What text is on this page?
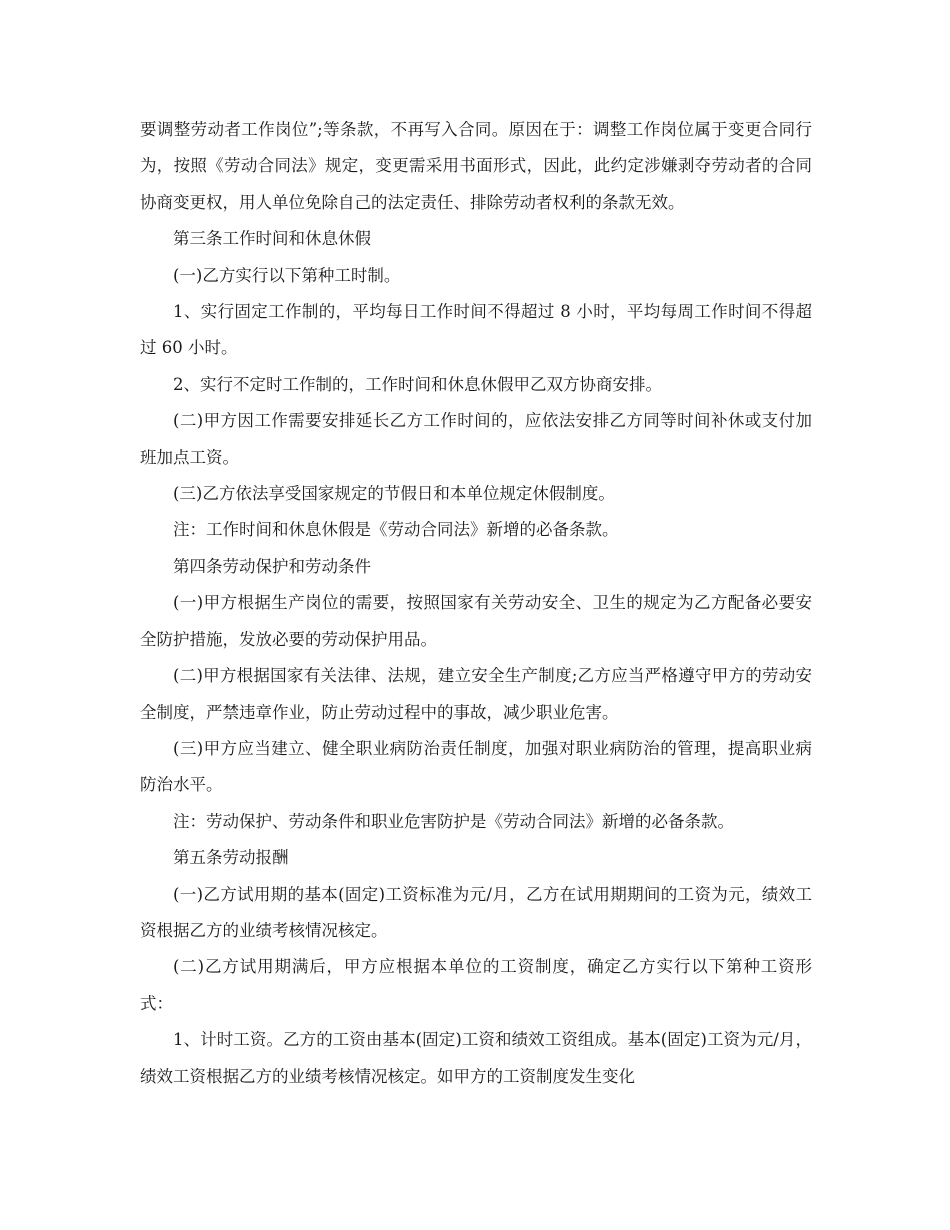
要调整劳动者工作岗位”;等条款，不再写入合同。原因在于：调整工作岗位属于变更合同行为，按照《劳动合同法》规定，变更需采用书面形式，因此，此约定涉嫌剥夺劳动者的合同协商变更权，用人单位免除自己的法定责任、排除劳动者权利的条款无效。

第三条工作时间和休息休假

(一)乙方实行以下第种工时制。

1、实行固定工作制的，平均每日工作时间不得超过 8 小时，平均每周工作时间不得超过 60 小时。

2、实行不定时工作制的，工作时间和休息休假甲乙双方协商安排。

(二)甲方因工作需要安排延长乙方工作时间的，应依法安排乙方同等时间补休或支付加班加点工资。

(三)乙方依法享受国家规定的节假日和本单位规定休假制度。

注：工作时间和休息休假是《劳动合同法》新增的必备条款。

第四条劳动保护和劳动条件

(一)甲方根据生产岗位的需要，按照国家有关劳动安全、卫生的规定为乙方配备必要安全防护措施，发放必要的劳动保护用品。

(二)甲方根据国家有关法律、法规，建立安全生产制度;乙方应当严格遵守甲方的劳动安全制度，严禁违章作业，防止劳动过程中的事故，减少职业危害。

(三)甲方应当建立、健全职业病防治责任制度，加强对职业病防治的管理，提高职业病防治水平。

注：劳动保护、劳动条件和职业危害防护是《劳动合同法》新增的必备条款。

第五条劳动报酬

(一)乙方试用期的基本(固定)工资标准为元/月，乙方在试用期期间的工资为元，绩效工资根据乙方的业绩考核情况核定。

(二)乙方试用期满后，甲方应根据本单位的工资制度，确定乙方实行以下第种工资形式：

1、计时工资。乙方的工资由基本(固定)工资和绩效工资组成。基本(固定)工资为元/月，绩效工资根据乙方的业绩考核情况核定。如甲方的工资制度发生变化
